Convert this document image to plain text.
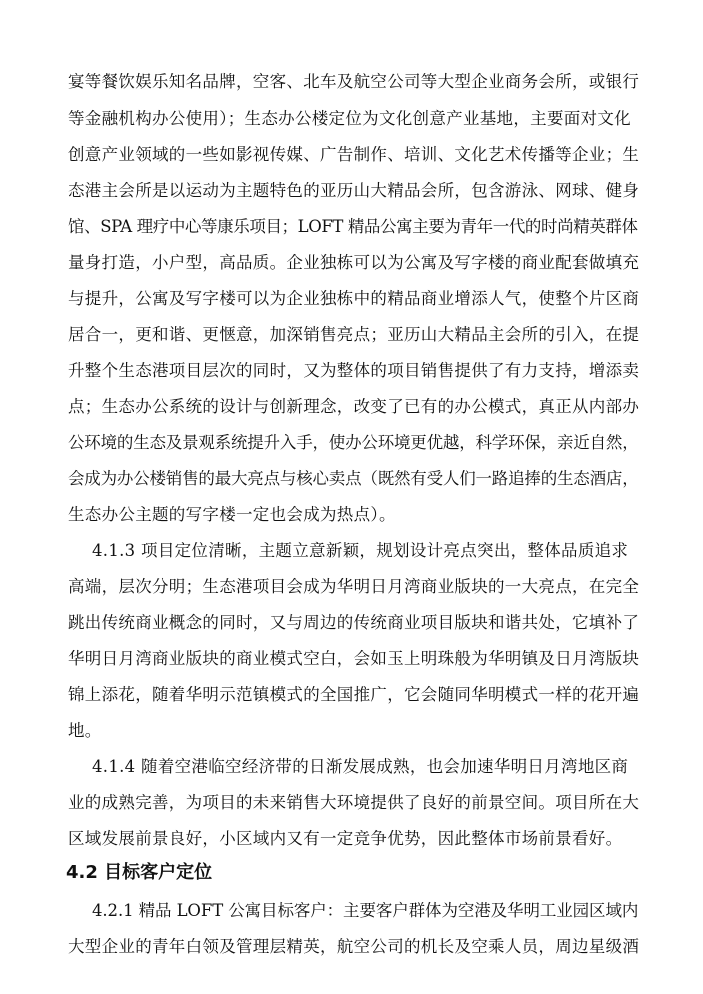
宴等餐饮娱乐知名品牌，空客、北车及航空公司等大型企业商务会所，或银行
等金融机构办公使用）；生态办公楼定位为文化创意产业基地，主要面对文化
创意产业领域的一些如影视传媒、广告制作、培训、文化艺术传播等企业；生
态港主会所是以运动为主题特色的亚历山大精品会所，包含游泳、网球、健身
馆、SPA 理疗中心等康乐项目；LOFT 精品公寓主要为青年一代的时尚精英群体
量身打造，小户型，高品质。企业独栋可以为公寓及写字楼的商业配套做填充
与提升，公寓及写字楼可以为企业独栋中的精品商业增添人气，使整个片区商
居合一，更和谐、更惬意，加深销售亮点；亚历山大精品主会所的引入，在提
升整个生态港项目层次的同时，又为整体的项目销售提供了有力支持，增添卖
点；生态办公系统的设计与创新理念，改变了已有的办公模式，真正从内部办
公环境的生态及景观系统提升入手，使办公环境更优越，科学环保，亲近自然，
会成为办公楼销售的最大亮点与核心卖点（既然有受人们一路追捧的生态酒店，
生态办公主题的写字楼一定也会成为热点）。
4.1.3 项目定位清晰，主题立意新颖，规划设计亮点突出，整体品质追求
高端，层次分明；生态港项目会成为华明日月湾商业版块的一大亮点，在完全
跳出传统商业概念的同时，又与周边的传统商业项目版块和谐共处，它填补了
华明日月湾商业版块的商业模式空白，会如玉上明珠般为华明镇及日月湾版块
锦上添花，随着华明示范镇模式的全国推广，它会随同华明模式一样的花开遍
地。
4.1.4 随着空港临空经济带的日渐发展成熟，也会加速华明日月湾地区商
业的成熟完善，为项目的未来销售大环境提供了良好的前景空间。项目所在大
区域发展前景良好，小区域内又有一定竞争优势，因此整体市场前景看好。
4.2 目标客户定位
4.2.1 精品 LOFT 公寓目标客户：主要客户群体为空港及华明工业园区域内
大型企业的青年白领及管理层精英，航空公司的机长及空乘人员，周边星级酒
